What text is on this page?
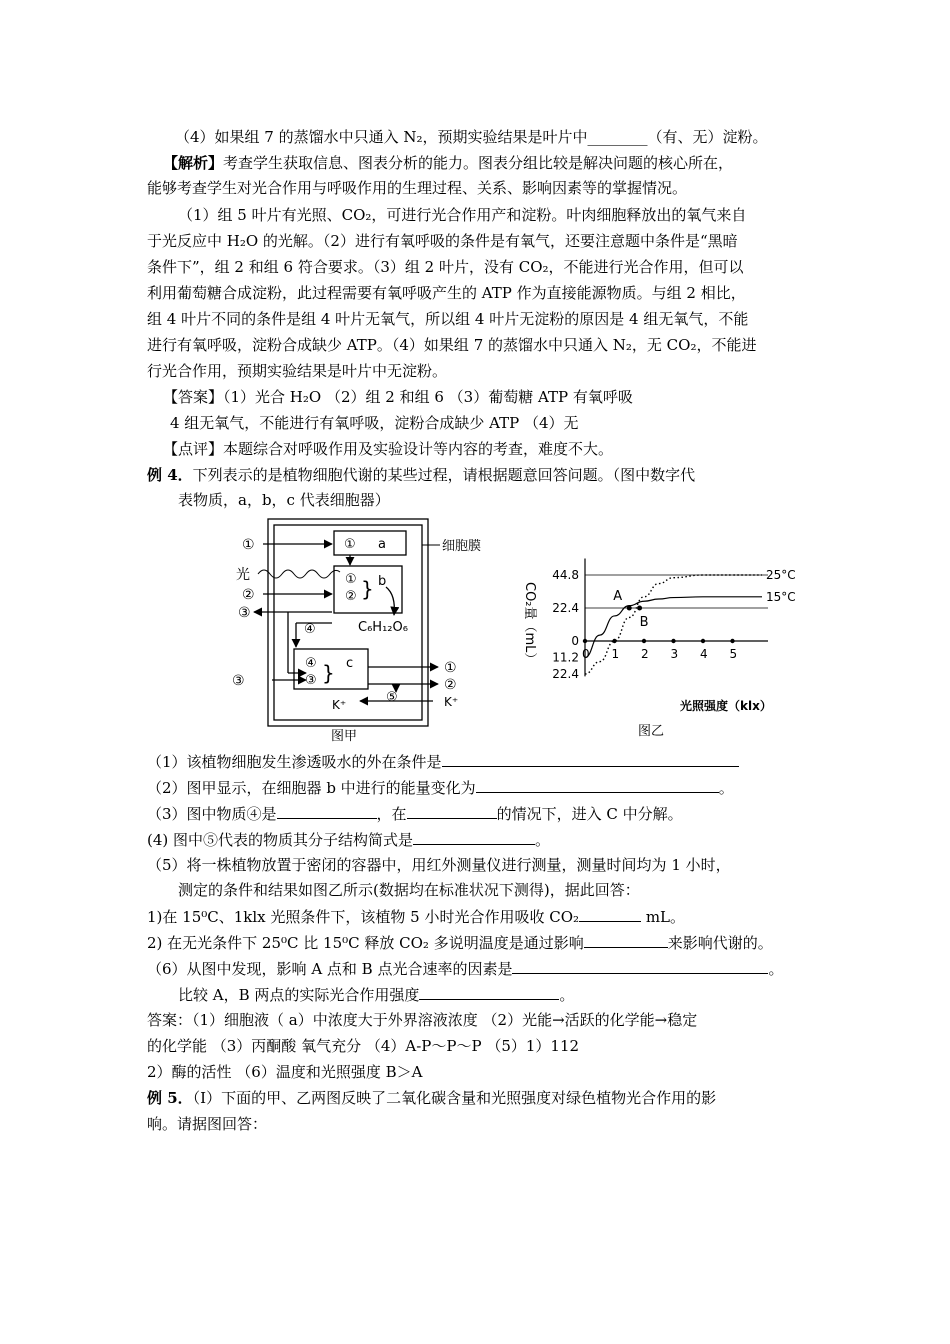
（4）如果组 7 的蒸馏水中只通入 N₂，预期实验结果是叶片中________（有、无）淀粉。
【解析】考查学生获取信息、图表分析的能力。图表分组比较是解决问题的核心所在，
能够考查学生对光合作用与呼吸作用的生理过程、关系、影响因素等的掌握情况。
（1）组 5 叶片有光照、CO₂，可进行光合作用产和淀粉。叶肉细胞释放出的氧气来自
于光反应中 H₂O 的光解。（2）进行有氧呼吸的条件是有氧气，还要注意题中条件是“黑暗
条件下”，组 2 和组 6 符合要求。（3）组 2 叶片，没有 CO₂，不能进行光合作用，但可以
利用葡萄糖合成淀粉，此过程需要有氧呼吸产生的 ATP 作为直接能源物质。与组 2 相比，
组 4 叶片不同的条件是组 4 叶片无氧气，所以组 4 叶片无淀粉的原因是 4 组无氧气，不能
进行有氧呼吸，淀粉合成缺少 ATP。（4）如果组 7 的蒸馏水中只通入 N₂，无 CO₂，不能进
行光合作用，预期实验结果是叶片中无淀粉。
【答案】（1）光合 H₂O （2）组 2 和组 6 （3）葡萄糖 ATP 有氧呼吸
4 组无氧气，不能进行有氧呼吸，淀粉合成缺少 ATP （4）无
【点评】本题综合对呼吸作用及实验设计等内容的考查，难度不大。
例 4．下列表示的是植物细胞代谢的某些过程，请根据题意回答问题。（图中数字代
表物质，a，b，c 代表细胞器）
①	① a	细胞膜
光	①
② } b
②
③
C₆H₁₂O₆
④
④
③ } c
③
①
②
⑤
K⁺	K⁺
图甲
CO₂量（mL）
光照强度（klx）
图乙
0 1 2 3 4 5
44.8
22.4
0
11.2
22.4
25°C
15°C
A
B
（1）该植物细胞发生渗透吸水的外在条件是
（2）图甲显示，在细胞器 b 中进行的能量变化为	。
（3）图中物质④是	，在	的情况下，进入 C 中分解。
(4) 图中⑤代表的物质其分子结构简式是	。
（5）将一株植物放置于密闭的容器中，用红外测量仪进行测量，测量时间均为 1 小时，
测定的条件和结果如图乙所示(数据均在标准状况下测得)，据此回答：
1)在 15⁰C、1klx 光照条件下，该植物 5 小时光合作用吸收 CO₂	mL。
2) 在无光条件下 25⁰C 比 15⁰C 释放 CO₂ 多说明温度是通过影响	来影响代谢的。
（6）从图中发现，影响 A 点和 B 点光合速率的因素是	。
比较 A，B 两点的实际光合作用强度	。
答案：（1）细胞液（ a）中浓度大于外界溶液浓度 （2）光能→活跃的化学能→稳定
的化学能 （3）丙酮酸 氧气充分 （4）A-P～P～P （5）1）112
2）酶的活性 （6）温度和光照强度 B＞A
例 5．（Ⅰ）下面的甲、乙两图反映了二氧化碳含量和光照强度对绿色植物光合作用的影
响。请据图回答：
